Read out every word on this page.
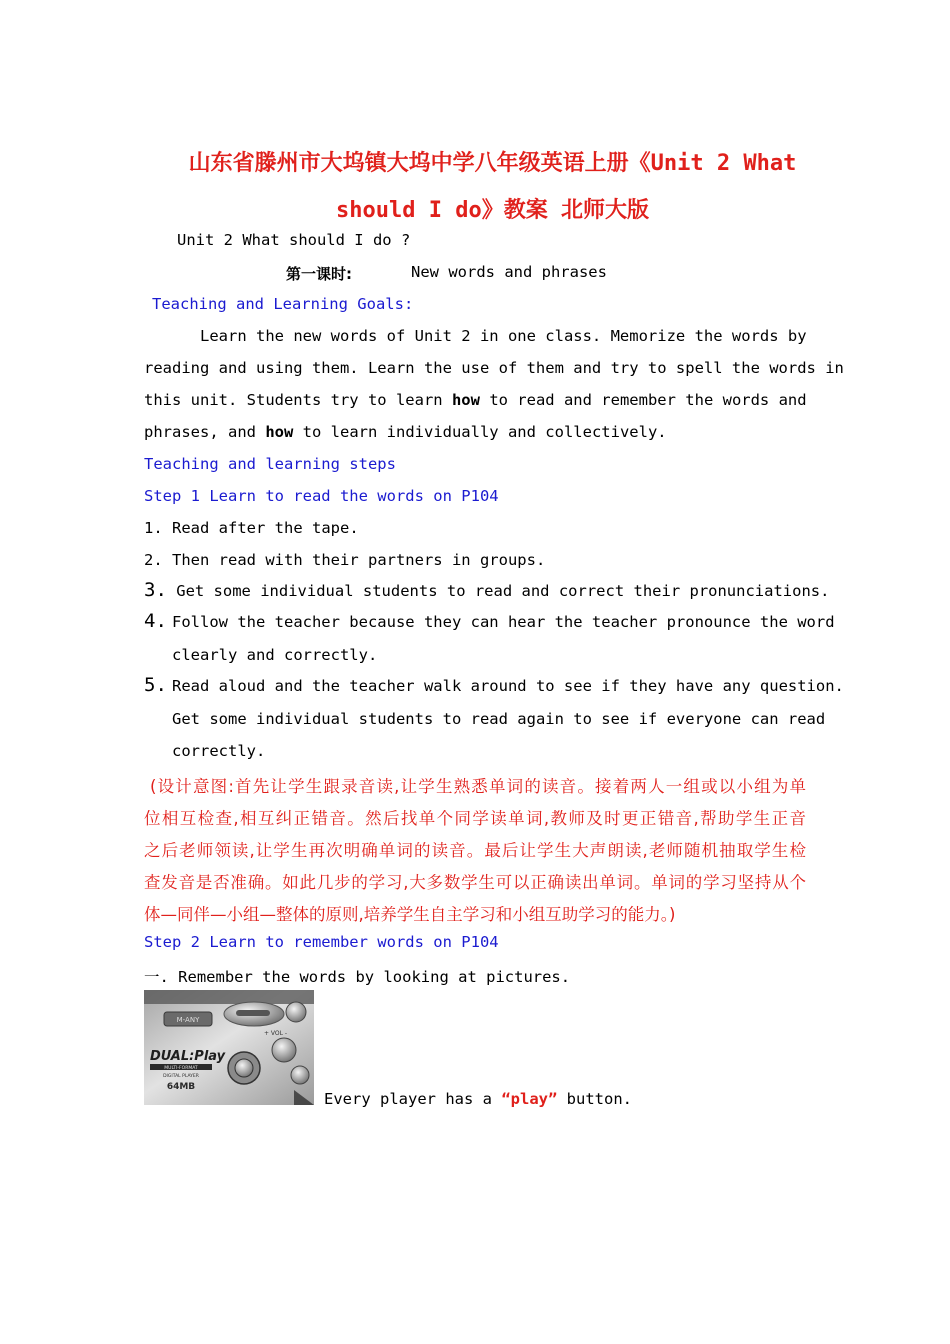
山东省滕州市大坞镇大坞中学八年级英语上册《Unit 2 What
should I do》教案 北师大版
Unit 2 What should I do ?
第一课时:	New words and phrases
Teaching and Learning Goals:
Learn the new words of Unit 2 in one class. Memorize the words by
reading and using them. Learn the use of them and try to spell the words in
this unit. Students try to learn how to read and remember the words and
phrases, and how to learn individually and collectively.
Teaching and learning steps
Step 1 Learn to read the words on P104
1. Read after the tape.
2. Then read with their partners in groups.
3. Get some individual students to read and correct their pronunciations.
4. Follow the teacher because they can hear the teacher pronounce the word
clearly and correctly.
5. Read aloud and the teacher walk around to see if they have any question.
Get some individual students to read again to see if everyone can read
correctly.
(设计意图:首先让学生跟录音读,让学生熟悉单词的读音。接着两人一组或以小组为单
位相互检查,相互纠正错音。然后找单个同学读单词,教师及时更正错音,帮助学生正音
之后老师领读,让学生再次明确单词的读音。最后让学生大声朗读,老师随机抽取学生检
查发音是否准确。如此几步的学习,大多数学生可以正确读出单词。单词的学习坚持从个
体—同伴—小组—整体的原则,培养学生自主学习和小组互助学习的能力。)
Step 2 Learn to remember words on P104
一. Remember the words by looking at pictures.
M-ANY
+ VOL -
DUAL:Play
MULTI-FORMAT
DIGITAL PLAYER
64MB
Every player has a “play” button.
